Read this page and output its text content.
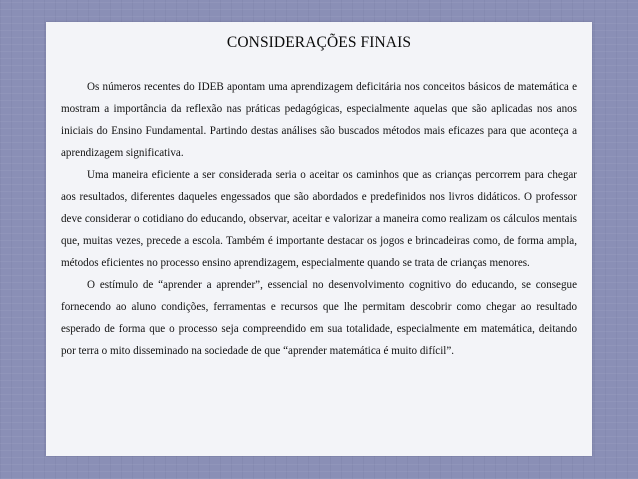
CONSIDERAÇÕES FINAIS

Os números recentes do IDEB apontam uma aprendizagem deficitária nos conceitos básicos de matemática e mostram a importância da reflexão nas práticas pedagógicas, especialmente aquelas que são aplicadas nos anos iniciais do Ensino Fundamental. Partindo destas análises são buscados métodos mais eficazes para que aconteça a aprendizagem significativa.

Uma maneira eficiente a ser considerada seria o aceitar os caminhos que as crianças percorrem para chegar aos resultados, diferentes daqueles engessados que são abordados e predefinidos nos livros didáticos. O professor deve considerar o cotidiano do educando, observar, aceitar e valorizar a maneira como realizam os cálculos mentais que, muitas vezes, precede a escola. Também é importante destacar os jogos e brincadeiras como, de forma ampla, métodos eficientes no processo ensino aprendizagem, especialmente quando se trata de crianças menores.

O estímulo de “aprender a aprender”, essencial no desenvolvimento cognitivo do educando, se consegue fornecendo ao aluno condições, ferramentas e recursos que lhe permitam descobrir como chegar ao resultado esperado de forma que o processo seja compreendido em sua totalidade, especialmente em matemática, deitando por terra o mito disseminado na sociedade de que “aprender matemática é muito difícil”.
